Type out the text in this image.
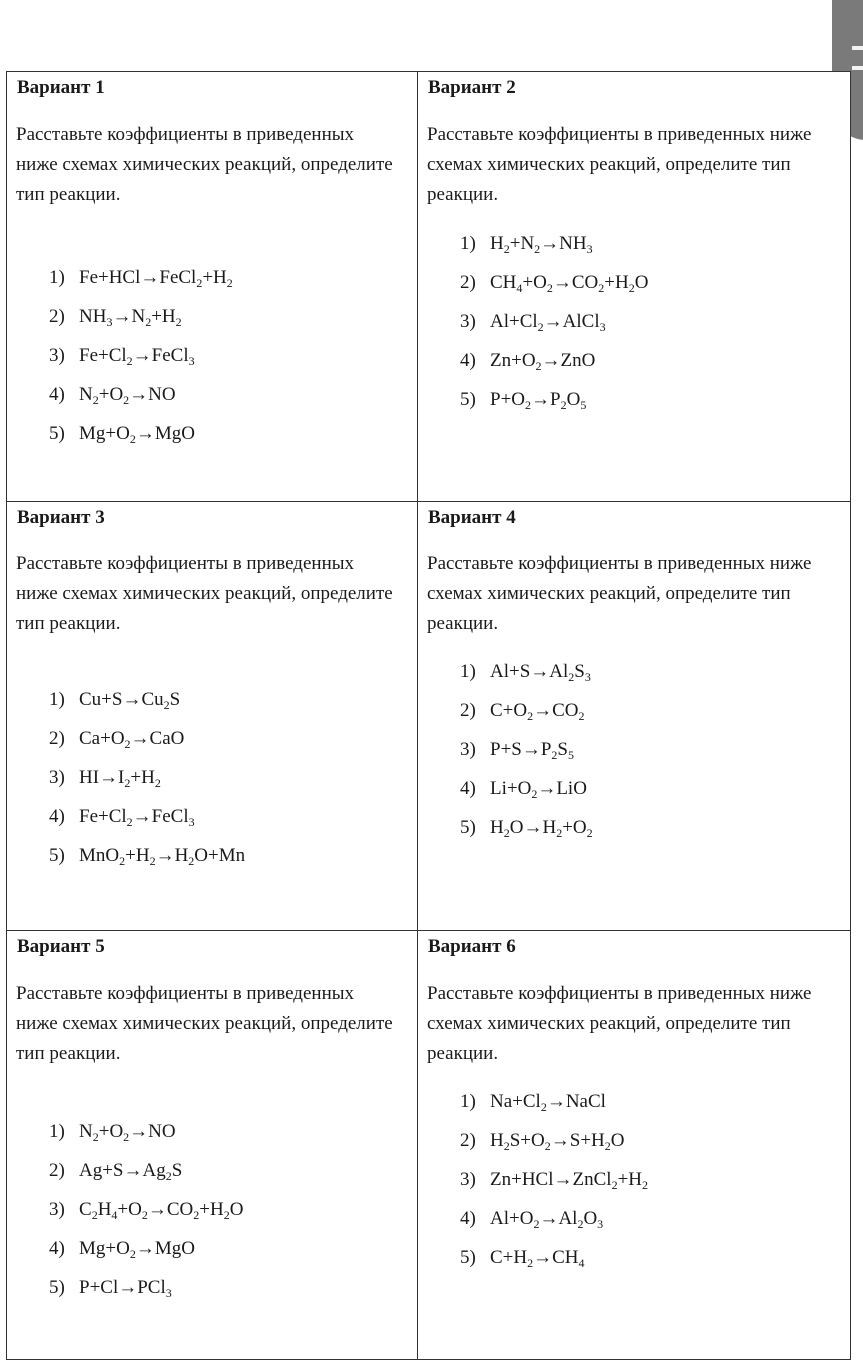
Вариант 1

Расставьте коэффициенты в приведенных ниже схемах химических реакций, определите тип реакции.

1) $Fe+HCl\to FeCl_2+H_2$
2) $NH_3\to N_2+H_2$
3) $Fe+Cl_2\to FeCl_3$
4) $N_2+O_2\to NO$
5) $Mg+O_2\to MgO$
Вариант 3

Расставьте коэффициенты в приведенных ниже схемах химических реакций, определите тип реакции.

1) $Cu+S\to Cu_2S$
2) $Ca+O_2\to CaO$
3) $HI\to I_2+H_2$
4) $Fe+Cl_2\to FeCl_3$
5) $MnO_2+H_2\to H_2O+Mn$
Вариант 5

Расставьте коэффициенты в приведенных ниже схемах химических реакций, определите тип реакции.

1) $N_2+O_2\to NO$
2) $Ag+S\to Ag_2S$
3) $C_2H_4+O_2\to CO_2+H_2O$
4) $Mg+O_2\to MgO$
5) P+Cl→PCl$_3$
Вариант 2

Расставьте коэффициенты в приведенных ниже схемах химических реакций, определите тип реакции.

1) $H_2+N_2\to NH_3$
2) $CH_4+O_2\to CO_2+H_2O$
3) $Al+Cl_2\to AlCl_3$
4) $Zn+O_2\to ZnO$
5) $P+O_2\to P_2O_5$
Вариант 4

Расставьте коэффициенты в приведенных ниже схемах химических реакций, определите тип реакции.

1) $Al+S\to Al_2S_3$
2) $C+O_2\to CO_2$
3) $P+S\to P_2S_5$
4) $Li+O_2\to LiO$
5) $H_2O\to H_2+O_2$
Вариант 6

Расставьте коэффициенты в приведенных ниже схемах химических реакций, определите тип реакции.

1) $Na+Cl_2\to NaCl$
2) $H_2S+O_2\to S+H_2O$
3) $Zn+HCl\to ZnCl_2+H_2$
4) $Al+O_2\to Al_2O_3$
5) $C+H_2\to CH_4$
